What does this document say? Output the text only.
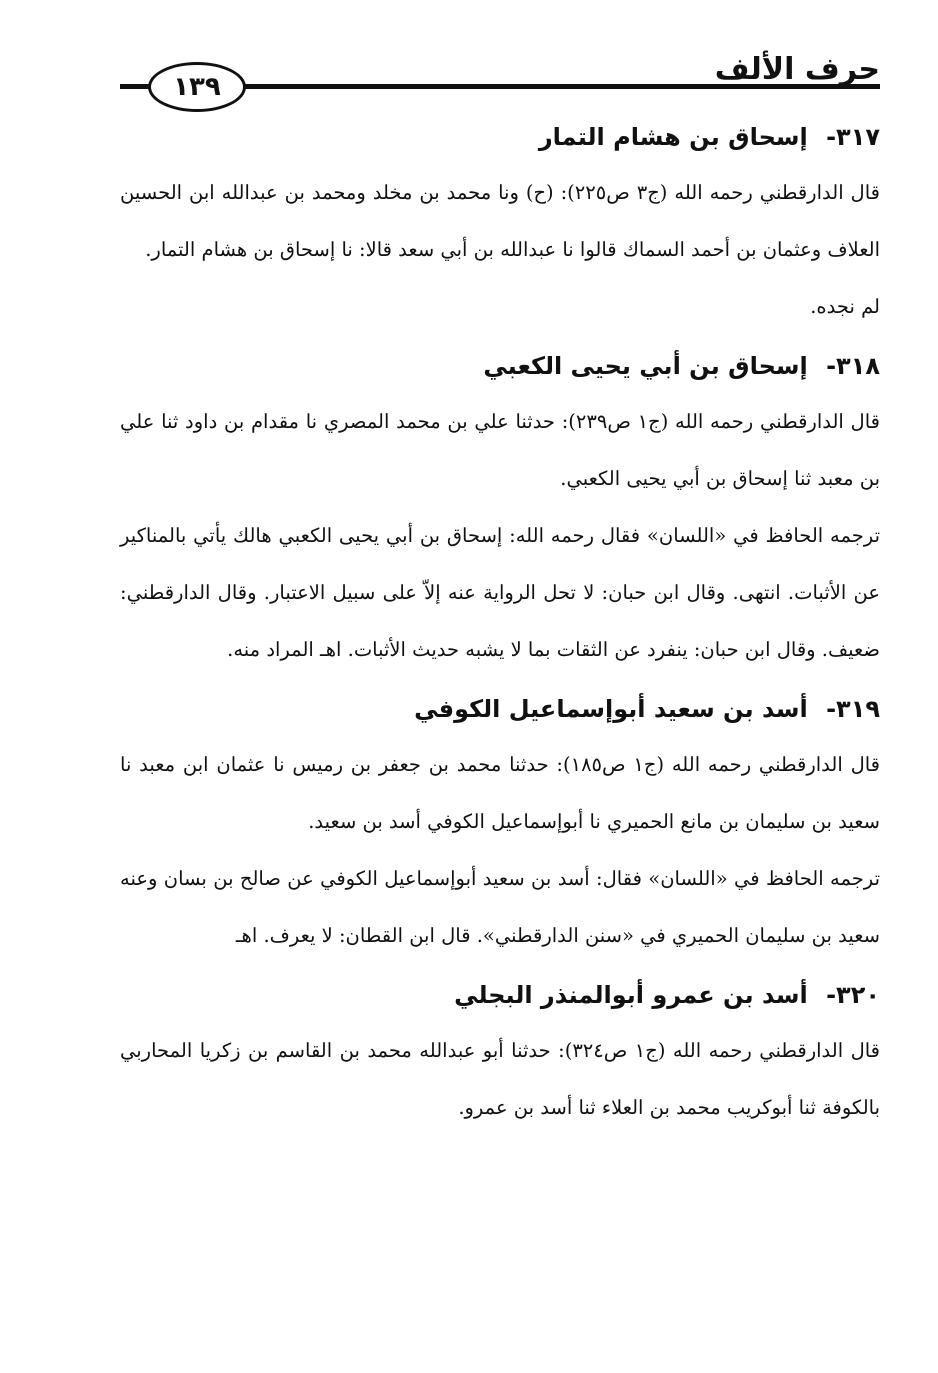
١٣٩	حرف الألف
٣١٧- إسحاق بن هشام التمار

قال الدارقطني رحمه الله (ج٣ ص٢٢٥): (ح) ونا محمد بن مخلد ومحمد بن عبدالله ابن الحسين العلاف وعثمان بن أحمد السماك قالوا نا عبدالله بن أبي سعد قالا: نا إسحاق بن هشام التمار.

لم نجده.

٣١٨- إسحاق بن أبي يحيى الكعبي

قال الدارقطني رحمه الله (ج١ ص٢٣٩): حدثنا علي بن محمد المصري نا مقدام بن داود ثنا علي بن معبد ثنا إسحاق بن أبي يحيى الكعبي.

ترجمه الحافظ في «اللسان» فقال رحمه الله: إسحاق بن أبي يحيى الكعبي هالك يأتي بالمناكير عن الأثبات. انتهى. وقال ابن حبان: لا تحل الرواية عنه إلاّ على سبيل الاعتبار. وقال الدارقطني: ضعيف. وقال ابن حبان: ينفرد عن الثقات بما لا يشبه حديث الأثبات. اهـ المراد منه.

٣١٩- أسد بن سعيد أبوإسماعيل الكوفي

قال الدارقطني رحمه الله (ج١ ص١٨٥): حدثنا محمد بن جعفر بن رميس نا عثمان ابن معبد نا سعيد بن سليمان بن مانع الحميري نا أبوإسماعيل الكوفي أسد بن سعيد.

ترجمه الحافظ في «اللسان» فقال: أسد بن سعيد أبوإسماعيل الكوفي عن صالح بن بسان وعنه سعيد بن سليمان الحميري في «سنن الدارقطني». قال ابن القطان: لا يعرف. اهـ

٣٢٠- أسد بن عمرو أبوالمنذر البجلي

قال الدارقطني رحمه الله (ج١ ص٣٢٤): حدثنا أبو عبدالله محمد بن القاسم بن زكريا المحاربي بالكوفة ثنا أبوكريب محمد بن العلاء ثنا أسد بن عمرو.
